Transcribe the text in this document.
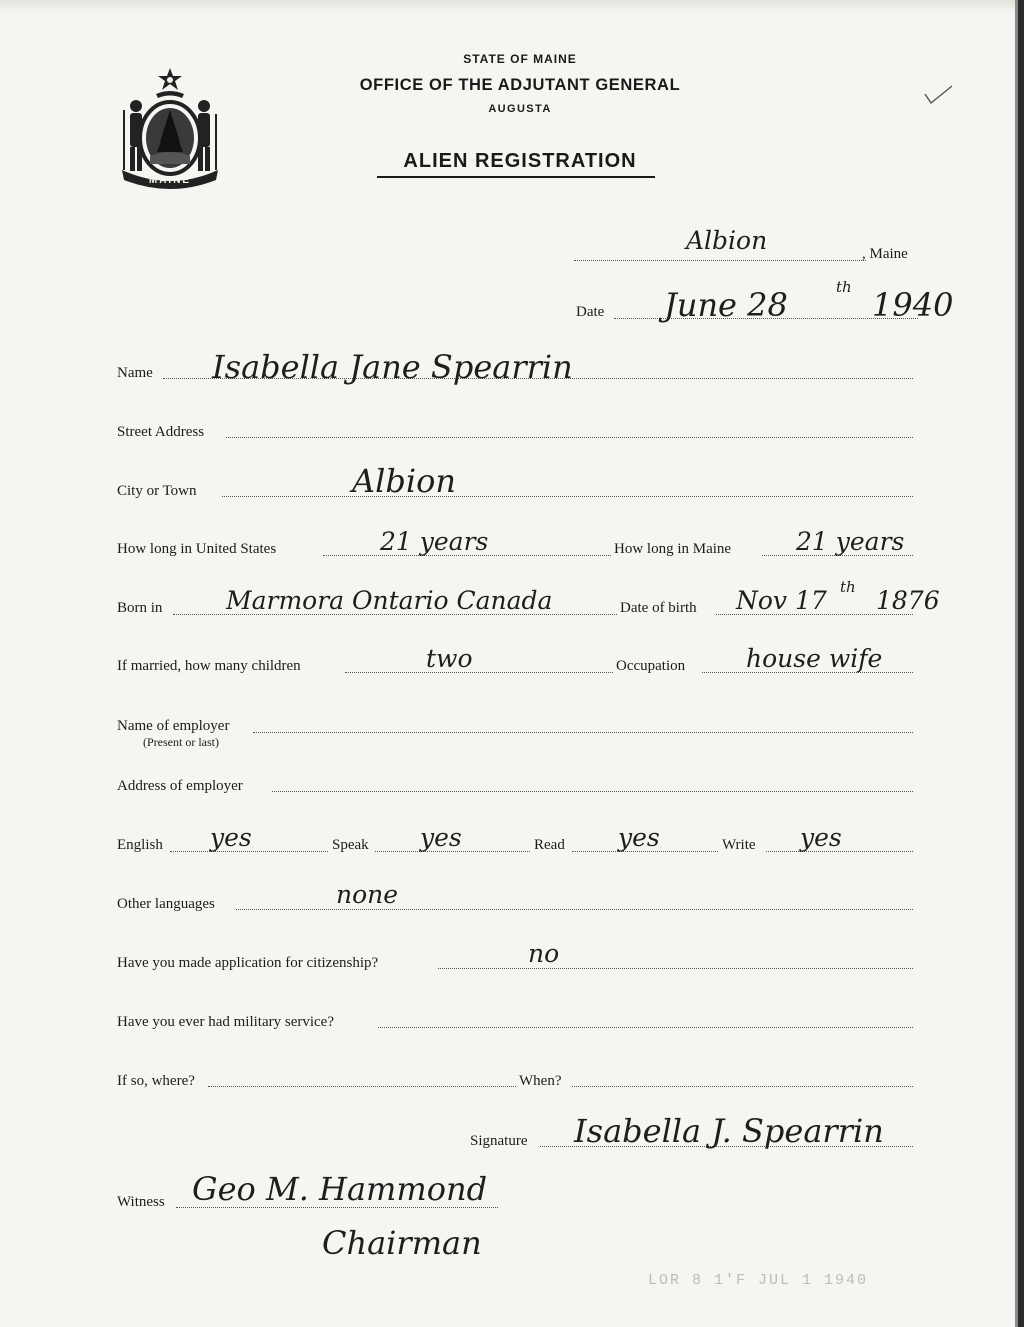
MAINE
STATE OF MAINE
OFFICE OF THE ADJUTANT GENERAL
AUGUSTA
ALIEN REGISTRATION
Albion	, Maine
Date June 28	th 1940
Name Isabella Jane Spearrin
Street Address
City or Town	Albion
How long in United States	21 years	How long in Maine	21 years
Born in	Marmora Ontario Canada	Date of birth Nov 17 th 1876
If married, how many children	two	Occupation house wife
Name of employer
(Present or last)
Address of employer
English yes	Speak yes	Read yes	Write yes
Other languages	none
Have you made application for citizenship?	no
Have you ever had military service?
If so, where?	When?
Signature Isabella J. Spearrin
Witness Geo M. Hammond
Chairman
LOR 8 1'F JUL 1 1940
